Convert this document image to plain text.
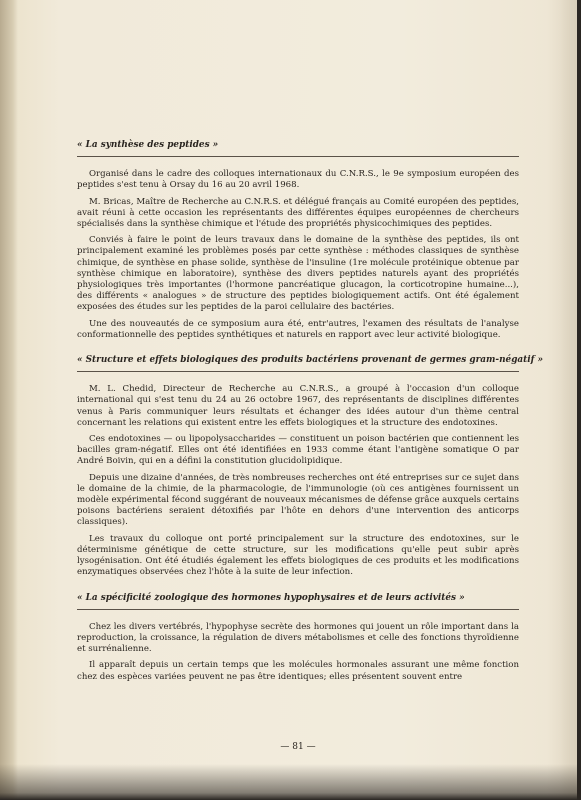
« La synthèse des peptides »

Organisé dans le cadre des colloques internationaux du C.N.R.S., le 9e symposium européen des peptides s'est tenu à Orsay du 16 au 20 avril 1968.

M. Bricas, Maître de Recherche au C.N.R.S. et délégué français au Comité européen des peptides, avait réuni à cette occasion les représentants des différentes équipes européennes de chercheurs spécialisés dans la synthèse chimique et l'étude des propriétés physicochimiques des peptides.

Conviés à faire le point de leurs travaux dans le domaine de la synthèse des peptides, ils ont principalement examiné les problèmes posés par cette synthèse : méthodes classiques de synthèse chimique, de synthèse en phase solide, synthèse de l'insuline (1re molécule protéinique obtenue par synthèse chimique en laboratoire), synthèse des divers peptides naturels ayant des propriétés physiologiques très importantes (l'hormone pancréatique glucagon, la corticotropine humaine...), des différents « analogues » de structure des peptides biologiquement actifs. Ont été également exposées des études sur les peptides de la paroi cellulaire des bactéries.

Une des nouveautés de ce symposium aura été, entr'autres, l'examen des résultats de l'analyse conformationnelle des peptides synthétiques et naturels en rapport avec leur activité biologique.

« Structure et effets biologiques des produits bactériens provenant de germes gram-négatif »

M. L. Chedid, Directeur de Recherche au C.N.R.S., a groupé à l'occasion d'un colloque international qui s'est tenu du 24 au 26 octobre 1967, des représentants de disciplines différentes venus à Paris communiquer leurs résultats et échanger des idées autour d'un thème central concernant les relations qui existent entre les effets biologiques et la structure des endotoxines.

Ces endotoxines — ou lipopolysaccharides — constituent un poison bactérien que contiennent les bacilles gram-négatif. Elles ont été identifiées en 1933 comme étant l'antigène somatique O par André Boivin, qui en a défini la constitution glucidolipidique.

Depuis une dizaine d'années, de très nombreuses recherches ont été entreprises sur ce sujet dans le domaine de la chimie, de la pharmacologie, de l'immunologie (où ces antigènes fournissent un modèle expérimental fécond suggérant de nouveaux mécanismes de défense grâce auxquels certains poisons bactériens seraient détoxifiés par l'hôte en dehors d'une intervention des anticorps classiques).

Les travaux du colloque ont porté principalement sur la structure des endotoxines, sur le déterminisme génétique de cette structure, sur les modifications qu'elle peut subir après lysogénisation. Ont été étudiés également les effets biologiques de ces produits et les modifications enzymatiques observées chez l'hôte à la suite de leur infection.

« La spécificité zoologique des hormones hypophysaires et de leurs activités »

Chez les divers vertébrés, l'hypophyse secrète des hormones qui jouent un rôle important dans la reproduction, la croissance, la régulation de divers métabolismes et celle des fonctions thyroïdienne et surrénalienne.

Il apparaît depuis un certain temps que les molécules hormonales assurant une même fonction chez des espèces variées peuvent ne pas être identiques; elles présentent souvent entre

— 81 —
